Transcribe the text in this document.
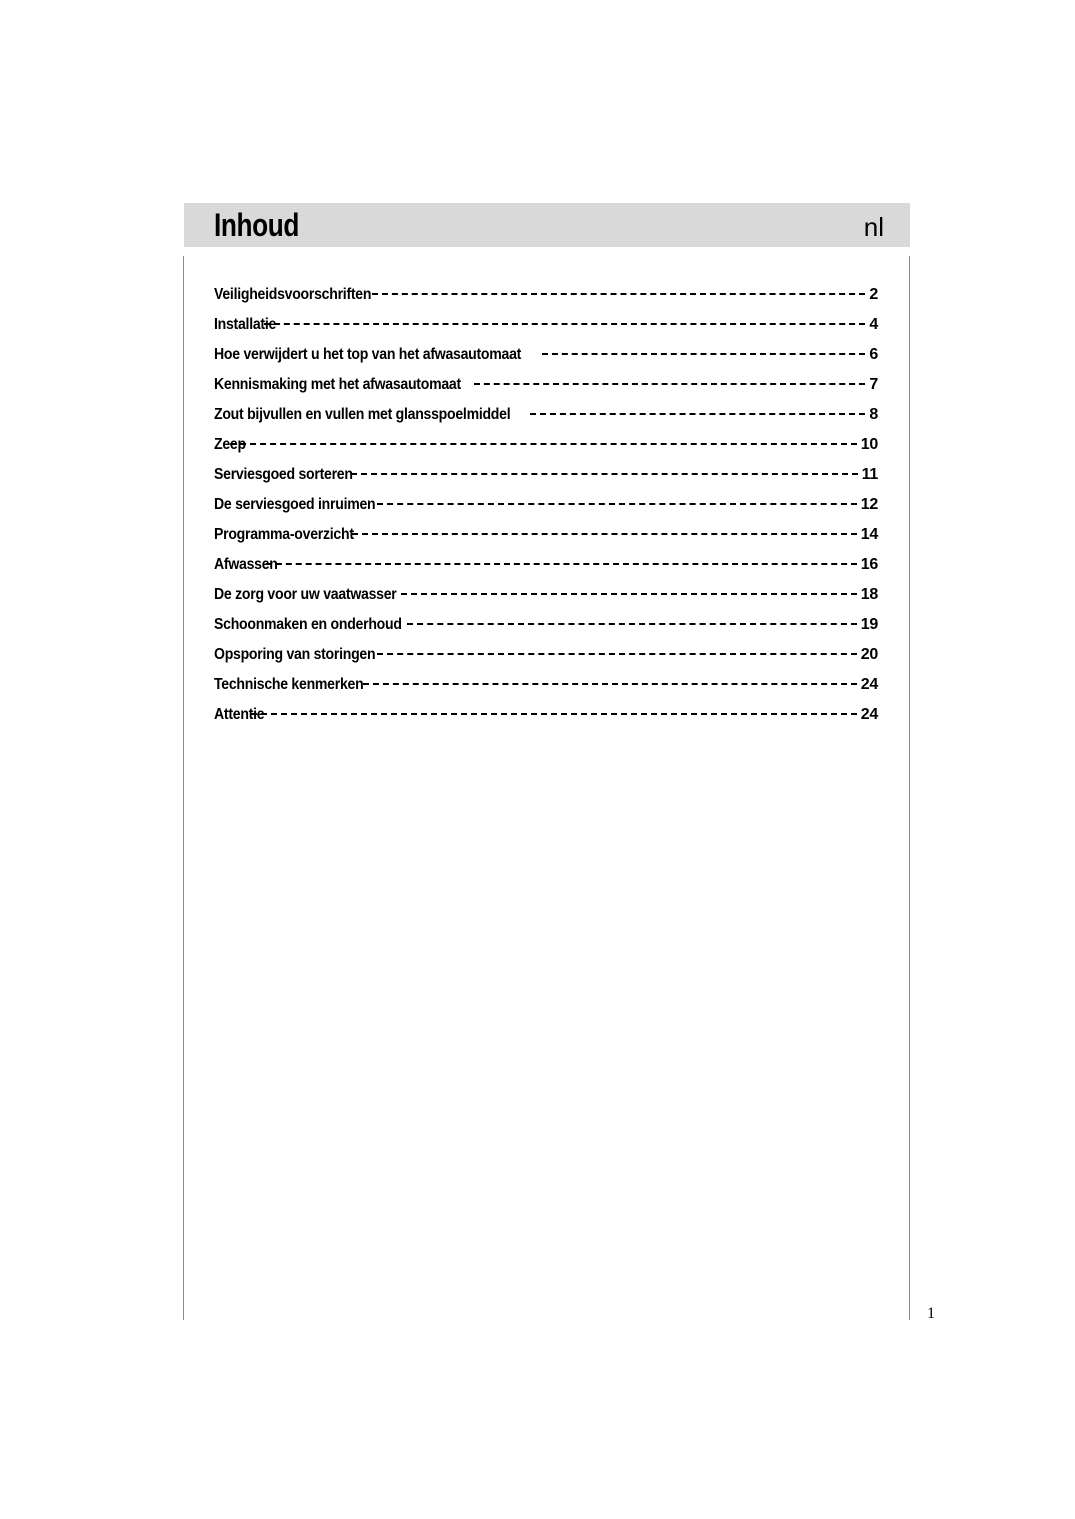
Inhoud	nl
Veiligheidsvoorschriften	2
Installatie	4
Hoe verwijdert u het top van het afwasautomaat	6
Kennismaking met het afwasautomaat	7
Zout bijvullen en vullen met glansspoelmiddel	8
Zeep	10
Serviesgoed sorteren	11
De serviesgoed inruimen	12
Programma-overzicht	14
Afwassen	16
De zorg voor uw vaatwasser	18
Schoonmaken en onderhoud	19
Opsporing van storingen	20
Technische kenmerken	24
Attentie	24
1
